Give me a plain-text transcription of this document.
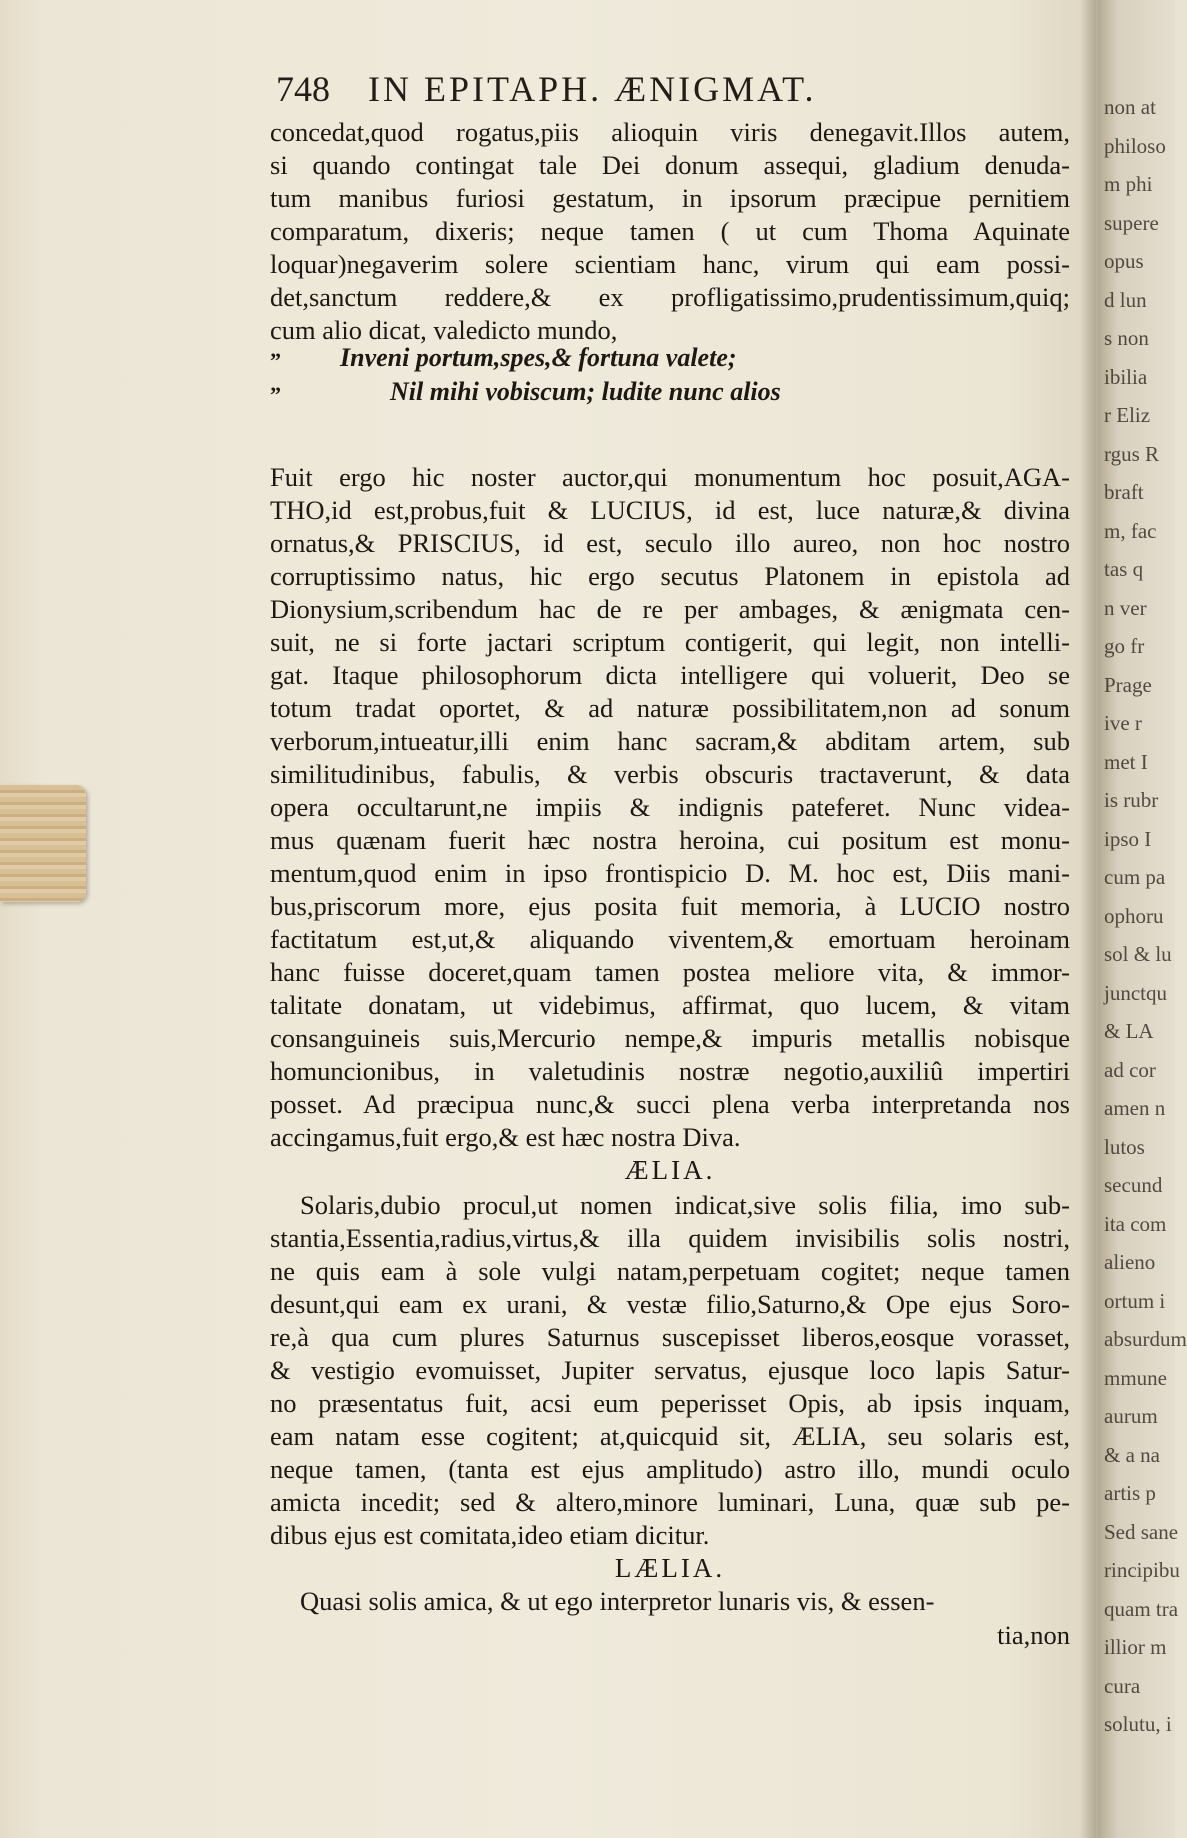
non at
philoso
m phi
supere
opus
d lun
s non
ibilia
r Eliz
rgus R
braft
m, fac
tas q
n ver
go fr
Prage
ive r
met I
is rubr
ipso I
cum pa
ophoru
sol & lu
junctqu
& LA
ad cor
amen n
lutos
secund
ita com
alieno
ortum i
absurdum
mmune
aurum
& a na
artis p
Sed sane
rincipibu
quam tra
illior m
cura
solutu, i
748 IN EPITAPH. ÆNIGMAT.
concedat,quod rogatus,piis alioquin viris denegavit.Illos autem,
si quando contingat tale Dei donum assequi, gladium denuda-
tum manibus furiosi gestatum, in ipsorum præcipue pernitiem
comparatum, dixeris; neque tamen ( ut cum Thoma Aquinate
loquar)negaverim solere scientiam hanc, virum qui eam possi-
det,sanctum reddere,& ex profligatissimo,prudentissimum,quiq;
cum alio dicat, valedicto mundo,
” Inveni portum,spes,& fortuna valete;
”	Nil mihi vobiscum; ludite nunc alios
Fuit ergo hic noster auctor,qui monumentum hoc posuit,AGA-
THO,id est,probus,fuit & LUCIUS, id est, luce naturæ,& divina
ornatus,& PRISCIUS, id est, seculo illo aureo, non hoc nostro
corruptissimo natus, hic ergo secutus Platonem in epistola ad
Dionysium,scribendum hac de re per ambages, & ænigmata cen-
suit, ne si forte jactari scriptum contigerit, qui legit, non intelli-
gat. Itaque philosophorum dicta intelligere qui voluerit, Deo se
totum tradat oportet, & ad naturæ possibilitatem,non ad sonum
verborum,intueatur,illi enim hanc sacram,& abditam artem, sub
similitudinibus, fabulis, & verbis obscuris tractaverunt, & data
opera occultarunt,ne impiis & indignis pateferet. Nunc videa-
mus quænam fuerit hæc nostra heroina, cui positum est monu-
mentum,quod enim in ipso frontispicio D. M. hoc est, Diis mani-
bus,priscorum more, ejus posita fuit memoria, à LUCIO nostro
factitatum est,ut,& aliquando viventem,& emortuam heroinam
hanc fuisse doceret,quam tamen postea meliore vita, & immor-
talitate donatam, ut videbimus, affirmat, quo lucem, & vitam
consanguineis suis,Mercurio nempe,& impuris metallis nobisque
homuncionibus, in valetudinis nostræ negotio,auxiliû impertiri
posset. Ad præcipua nunc,& succi plena verba interpretanda nos
accingamus,fuit ergo,& est hæc nostra Diva.
ÆLIA.
Solaris,dubio procul,ut nomen indicat,sive solis filia, imo sub-
stantia,Essentia,radius,virtus,& illa quidem invisibilis solis nostri,
ne quis eam à sole vulgi natam,perpetuam cogitet; neque tamen
desunt,qui eam ex urani, & vestæ filio,Saturno,& Ope ejus Soro-
re,à qua cum plures Saturnus suscepisset liberos,eosque vorasset,
& vestigio evomuisset, Jupiter servatus, ejusque loco lapis Satur-
no præsentatus fuit, acsi eum peperisset Opis, ab ipsis inquam,
eam natam esse cogitent; at,quicquid sit, ÆLIA, seu solaris est,
neque tamen, (tanta est ejus amplitudo) astro illo, mundi oculo
amicta incedit; sed & altero,minore luminari, Luna, quæ sub pe-
dibus ejus est comitata,ideo etiam dicitur.
LÆLIA.
Quasi solis amica, & ut ego interpretor lunaris vis, & essen-
tia,non
